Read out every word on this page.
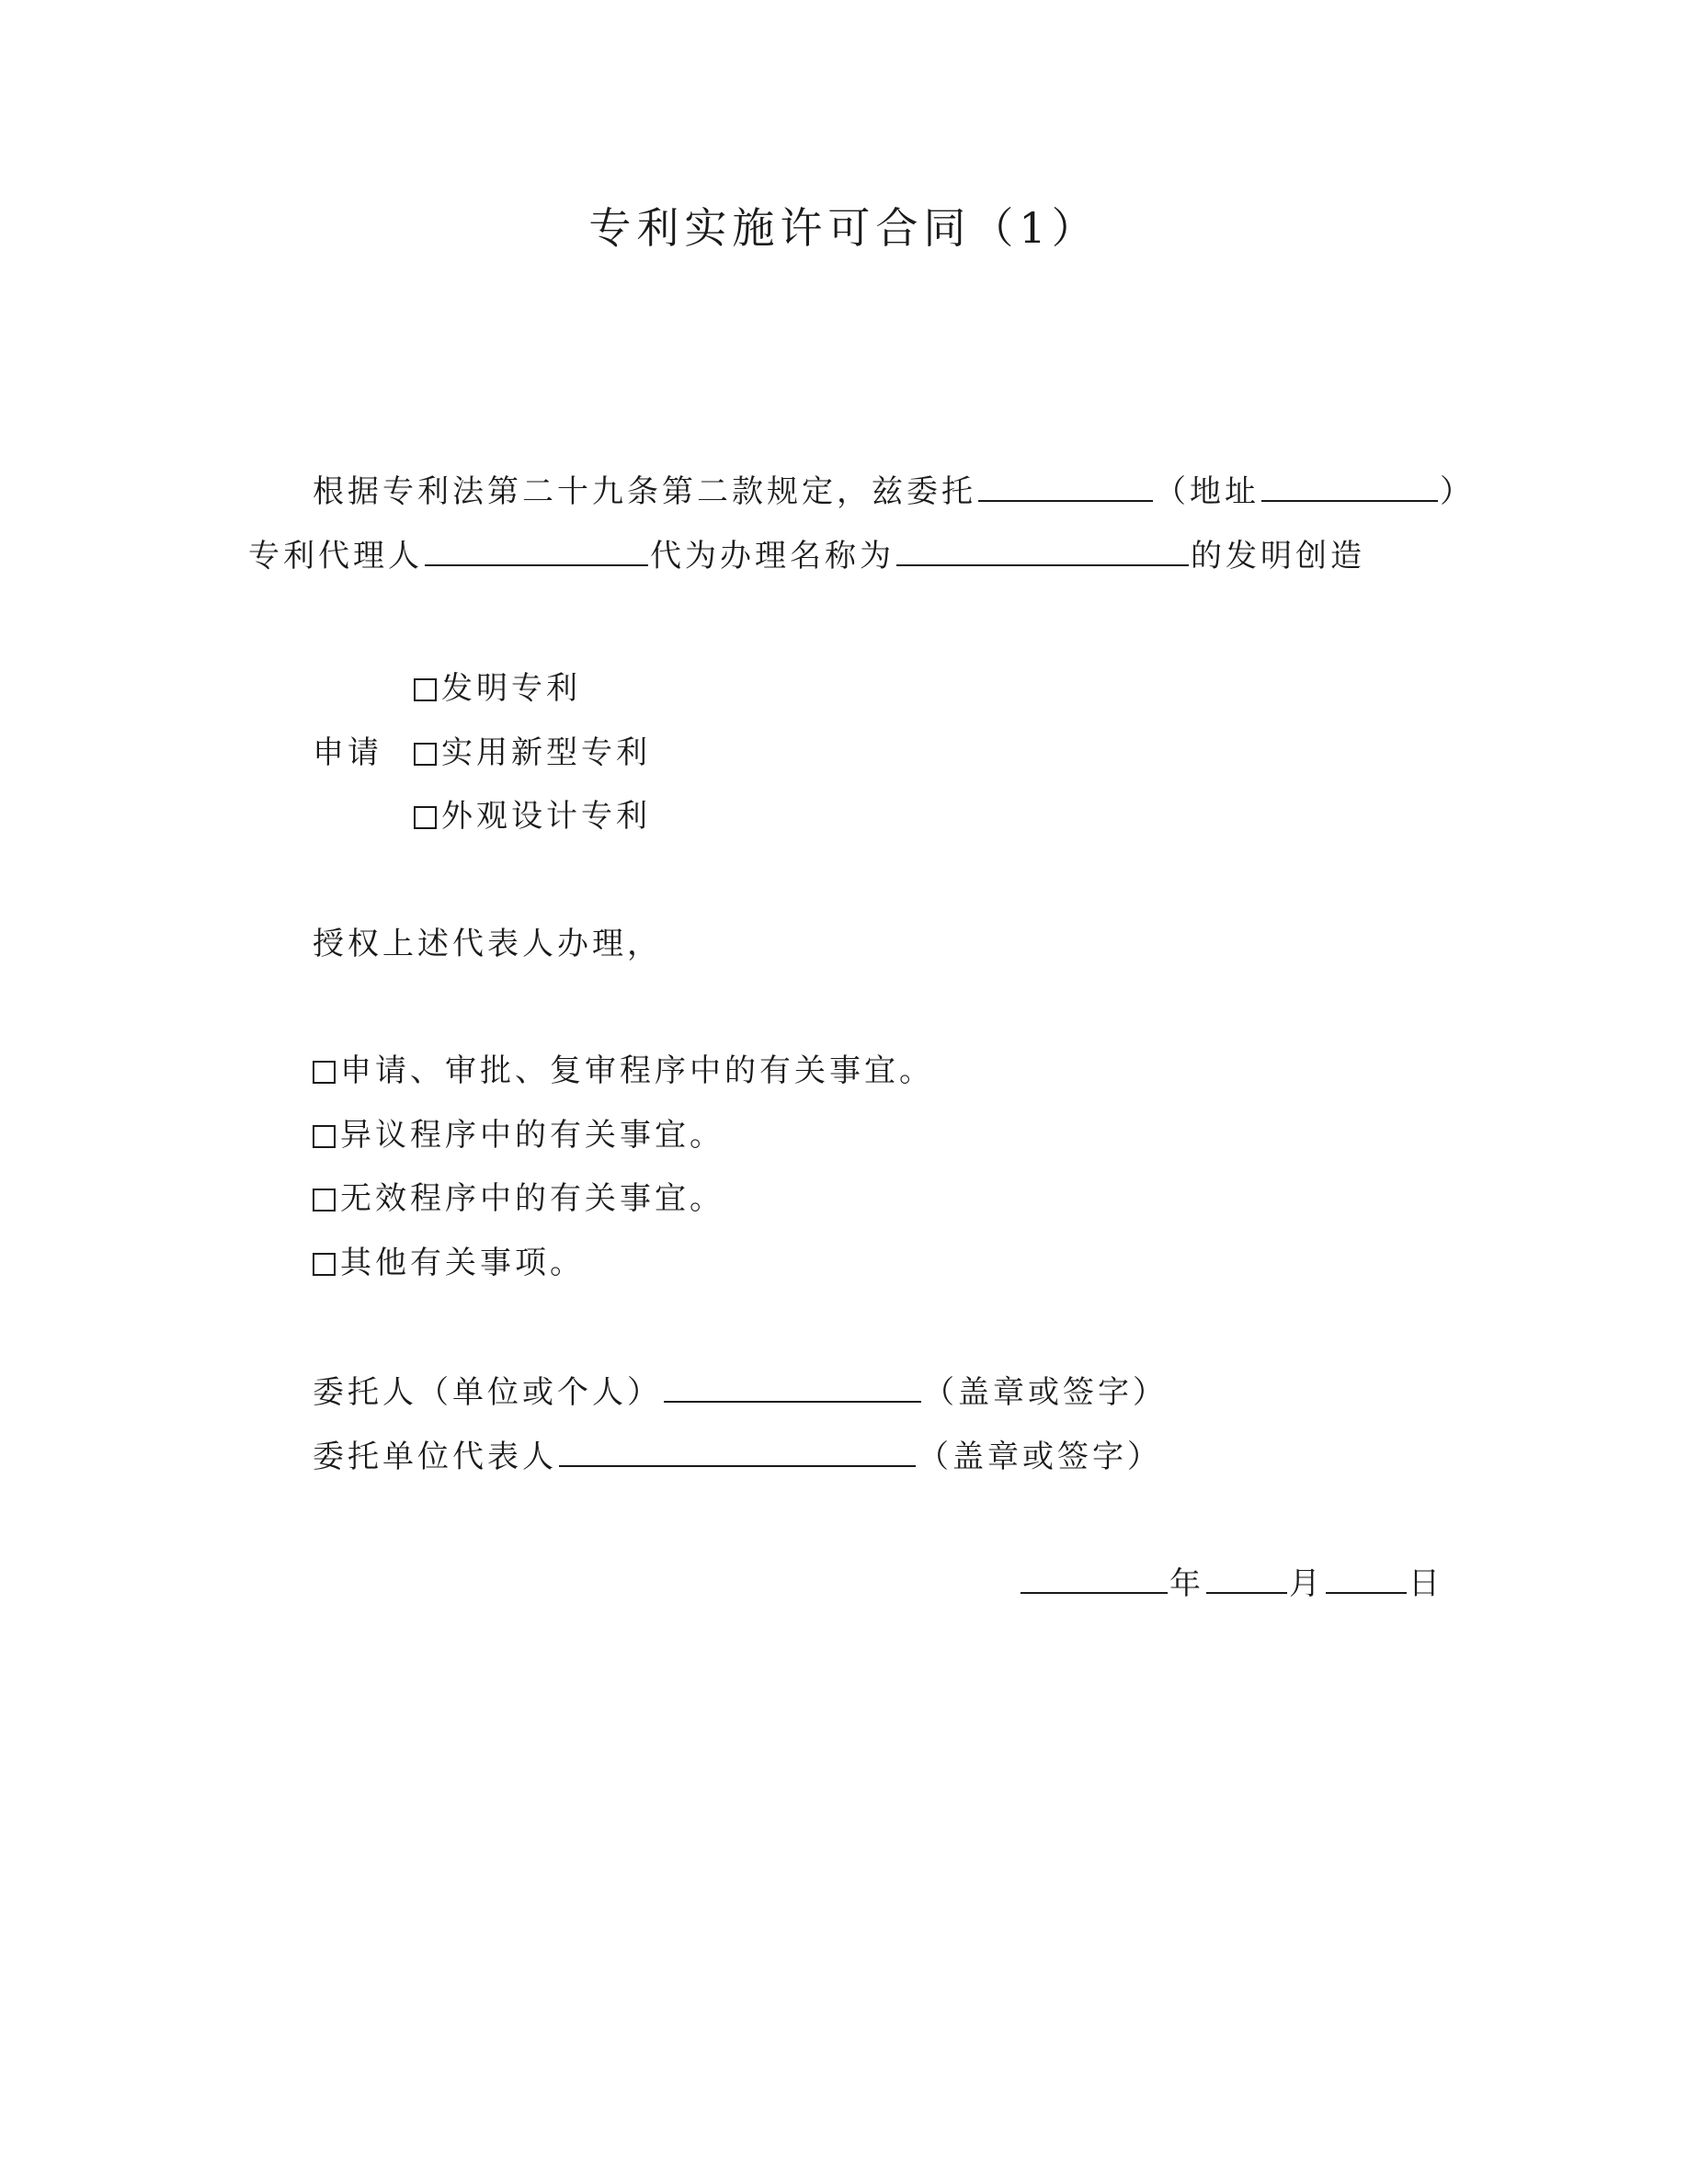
专利实施许可合同（1）
根据专利法第二十九条第二款规定，兹委托	（地址	）
专利代理人	代为办理名称为	的发明创造
申请
发明专利
实用新型专利
外观设计专利
授权上述代表人办理，
申请、审批、复审程序中的有关事宜。
异议程序中的有关事宜。
无效程序中的有关事宜。
其他有关事项。
委托人（单位或个人）	（盖章或签字）
委托单位代表人	（盖章或签字）
年	月	日
